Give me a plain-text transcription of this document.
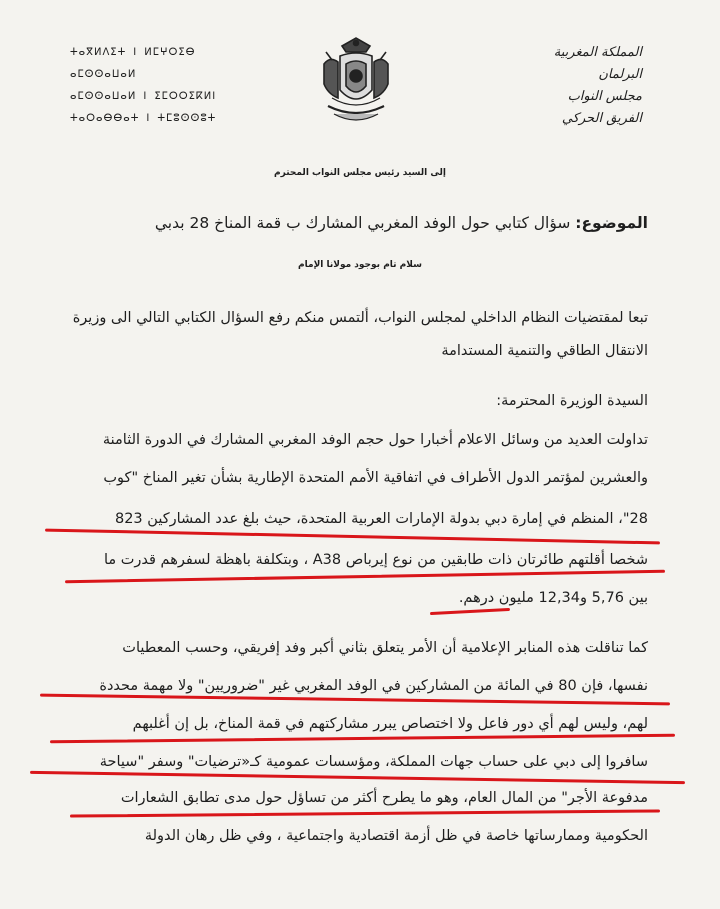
ⵜⴰⴳⵍⴷⵉⵜ ⵏ ⵍⵎⵖⵔⵉⴱ
ⴰⵎⵙⵙⴰⵡⴰⵍ
ⴰⵎⵙⵙⴰⵡⴰⵍ ⵏ ⵉⵎⵔⵔⵉⴽⵍⵏ
ⵜⴰⵔⴰⴱⴱⴰⵜ ⵏ ⵜⵎⵓⵙⵙⵓⵜ
المملكة المغربية
البرلمان
مجلس النواب
الفريق الحركي
إلى السيد رئيس مجلس النواب المحترم
الموضوع: سؤال كتابي حول الوفد المغربي المشارك ب قمة المناخ 28 بدبي
سلام تام بوجود مولانا الإمام
تبعا لمقتضيات النظام الداخلي لمجلس النواب، ألتمس منكم رفع السؤال الكتابي التالي الى وزيرة
الانتقال الطاقي والتنمية المستدامة
السيدة الوزيرة المحترمة:
تداولت العديد من وسائل الاعلام أخبارا حول حجم الوفد المغربي المشارك في الدورة الثامنة
والعشرين لمؤتمر الدول الأطراف في اتفاقية الأمم المتحدة الإطارية بشأن تغير المناخ "كوب
28"، المنظم في إمارة دبي بدولة الإمارات العربية المتحدة، حيث بلغ عدد المشاركين 823
شخصا أقلتهم طائرتان ذات طابقين من نوع إيرباص A38 ، وبتكلفة باهظة لسفرهم قدرت ما
بين 5,76 و12,34 مليون درهم.
كما تناقلت هذه المنابر الإعلامية أن الأمر يتعلق بثاني أكبر وفد إفريقي، وحسب المعطيات
نفسها، فإن 80 في المائة من المشاركين في الوفد المغربي غير "ضروريين" ولا مهمة محددة
لهم، وليس لهم أي دور فاعل ولا اختصاص يبرر مشاركتهم في قمة المناخ، بل إن أغلبهم
سافروا إلى دبي على حساب جهات المملكة، ومؤسسات عمومية كـ«ترضيات" وسفر "سياحة
مدفوعة الأجر" من المال العام، وهو ما يطرح أكثر من تساؤل حول مدى تطابق الشعارات
الحكومية وممارساتها خاصة في ظل أزمة اقتصادية واجتماعية ، وفي ظل رهان الدولة
